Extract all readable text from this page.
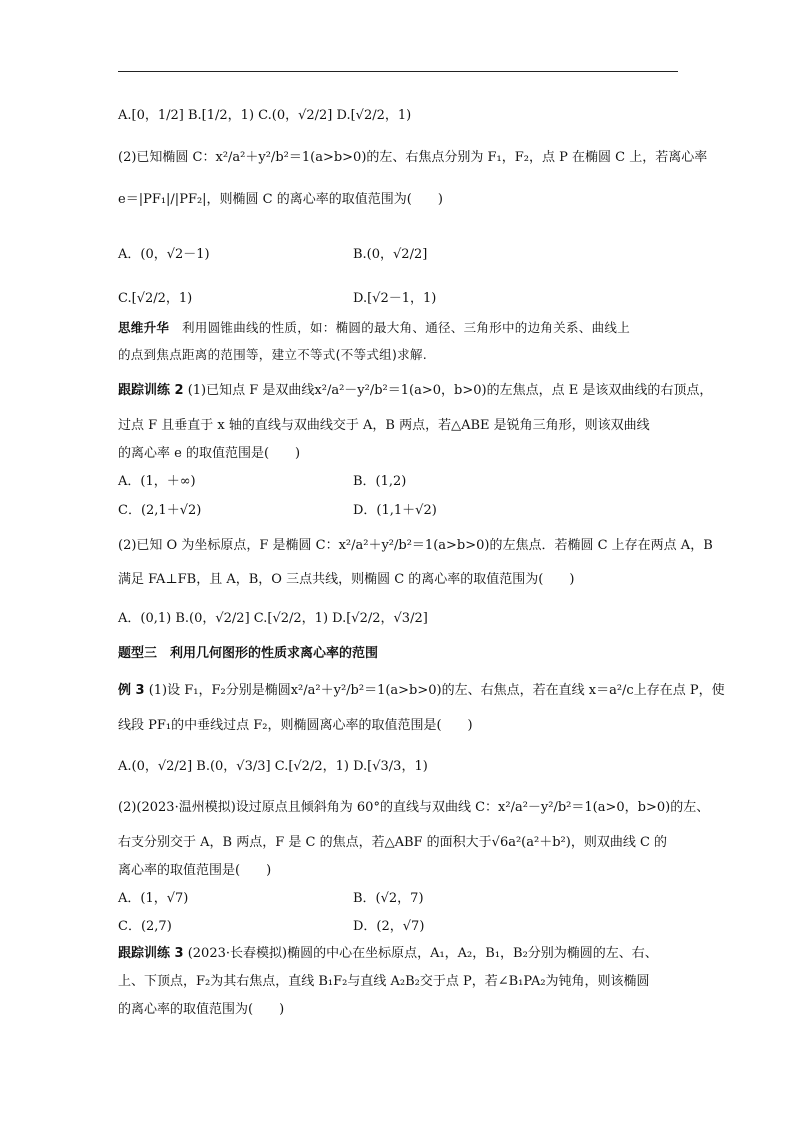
A.[0，1/2] B.[1/2，1) C.(0，√2/2] D.[√2/2，1)
(2)已知椭圆 C：x²/a²＋y²/b²＝1(a>b>0)的左、右焦点分别为 F₁，F₂，点 P 在椭圆 C 上，若离心率
e＝|PF₁|/|PF₂|，则椭圆 C 的离心率的取值范围为(　　)
A．(0，√2－1)	B.(0，√2/2]
C.[√2/2，1)	D.[√2－1，1)
思维升华　利用圆锥曲线的性质，如：椭圆的最大角、通径、三角形中的边角关系、曲线上
的点到焦点距离的范围等，建立不等式(不等式组)求解.
跟踪训练 2 (1)已知点 F 是双曲线x²/a²－y²/b²＝1(a>0，b>0)的左焦点，点 E 是该双曲线的右顶点，
过点 F 且垂直于 x 轴的直线与双曲线交于 A，B 两点，若△ABE 是锐角三角形，则该双曲线
的离心率 e 的取值范围是(　　)
A．(1，＋∞)	B．(1,2)
C．(2,1＋√2)	D．(1,1＋√2)
(2)已知 O 为坐标原点，F 是椭圆 C：x²/a²＋y²/b²＝1(a>b>0)的左焦点．若椭圆 C 上存在两点 A，B
满足 FA⊥FB，且 A，B，O 三点共线，则椭圆 C 的离心率的取值范围为(　　)
A．(0,1) B.(0，√2/2] C.[√2/2，1) D.[√2/2，√3/2]
题型三　利用几何图形的性质求离心率的范围
例 3 (1)设 F₁，F₂分别是椭圆x²/a²＋y²/b²＝1(a>b>0)的左、右焦点，若在直线 x＝a²/c上存在点 P，使
线段 PF₁的中垂线过点 F₂，则椭圆离心率的取值范围是(　　)
A.(0，√2/2] B.(0，√3/3] C.[√2/2，1) D.[√3/3，1)
(2)(2023·温州模拟)设过原点且倾斜角为 60°的直线与双曲线 C：x²/a²－y²/b²＝1(a>0，b>0)的左、
右支分别交于 A，B 两点，F 是 C 的焦点，若△ABF 的面积大于√6a²(a²＋b²)，则双曲线 C 的
离心率的取值范围是(　　)
A．(1，√7)	B．(√2，7)
C．(2,7)	D．(2，√7)
跟踪训练 3 (2023·长春模拟)椭圆的中心在坐标原点，A₁，A₂，B₁，B₂分别为椭圆的左、右、
上、下顶点，F₂为其右焦点，直线 B₁F₂与直线 A₂B₂交于点 P，若∠B₁PA₂为钝角，则该椭圆
的离心率的取值范围为(　　)
